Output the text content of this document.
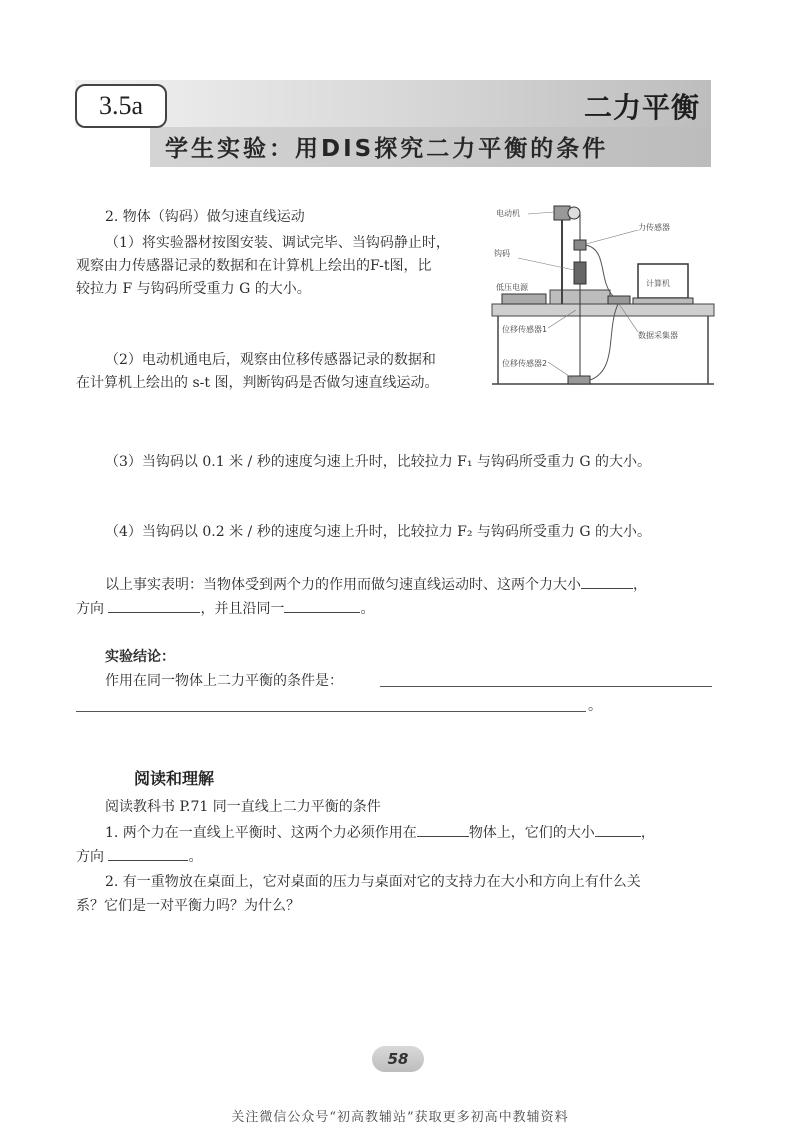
3.5a	二力平衡
学生实验：用DIS探究二力平衡的条件
2. 物体（钩码）做匀速直线运动
（1）将实验器材按图安装、调试完毕、当钩码静止时，
观察由力传感器记录的数据和在计算机上绘出的F-t图，比
较拉力 F 与钩码所受重力 G 的大小。
（2）电动机通电后，观察由位移传感器记录的数据和
在计算机上绘出的 s-t 图，判断钩码是否做匀速直线运动。
电动机
力传感器
钩码
低压电源	计算机
位移传感器1
位移传感器2
数据采集器
（3）当钩码以 0.1 米 / 秒的速度匀速上升时，比较拉力 F₁ 与钩码所受重力 G 的大小。
（4）当钩码以 0.2 米 / 秒的速度匀速上升时，比较拉力 F₂ 与钩码所受重力 G 的大小。
以上事实表明：当物体受到两个力的作用而做匀速直线运动时、这两个力大小	，
方向	，并且沿同一	。
实验结论：
作用在同一物体上二力平衡的条件是：
。
阅读和理解
阅读教科书 P.71 同一直线上二力平衡的条件
1. 两个力在一直线上平衡时、这两个力必须作用在	物体上，它们的大小	，
方向	。
2. 有一重物放在桌面上，它对桌面的压力与桌面对它的支持力在大小和方向上有什么关
系？它们是一对平衡力吗？为什么？
58
关注微信公众号“初高教辅站”获取更多初高中教辅资料
